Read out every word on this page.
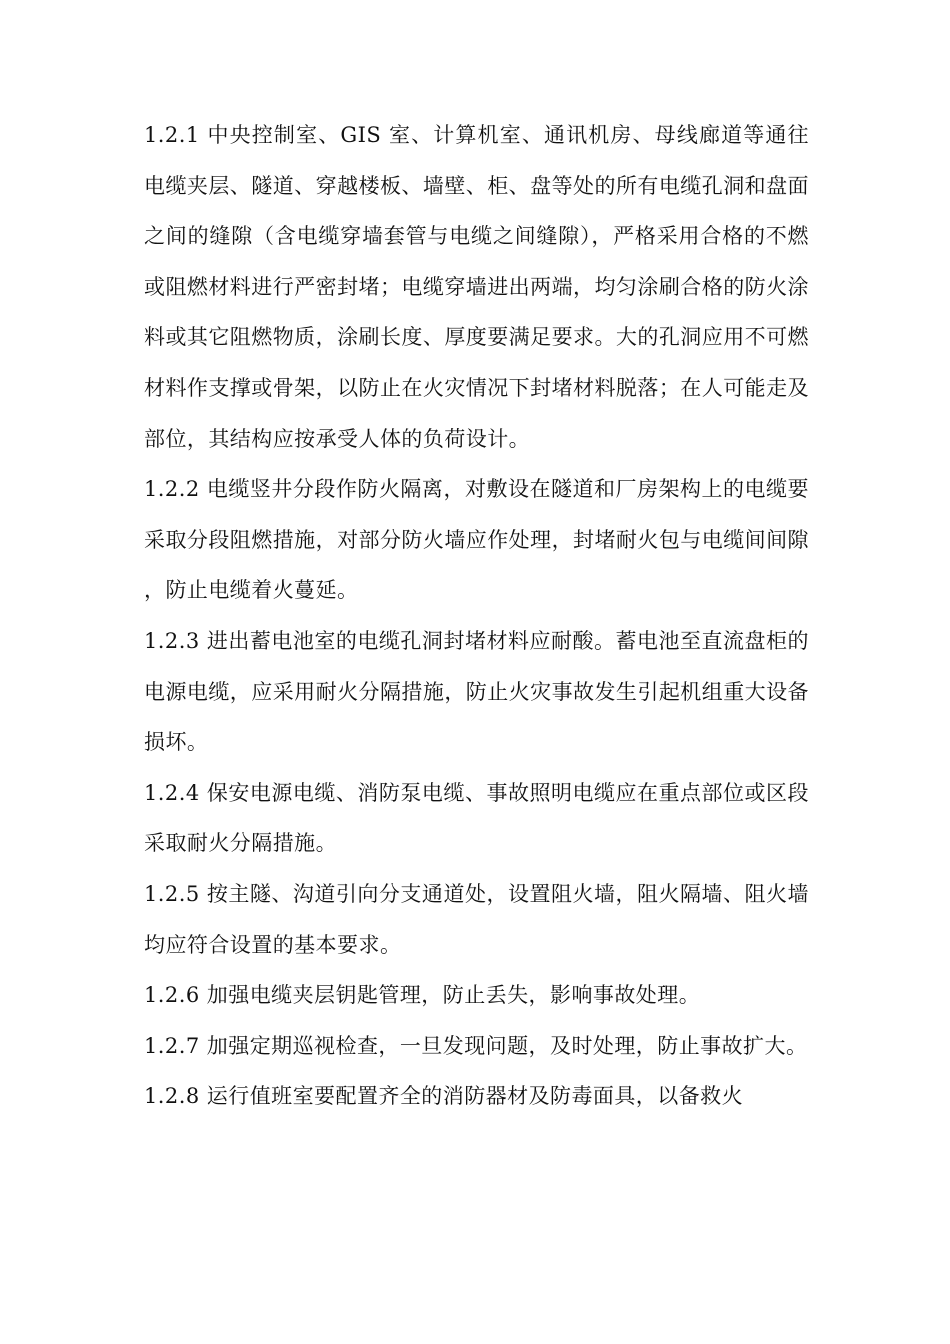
1.2.1 中央控制室、GIS 室、计算机室、通讯机房、母线廊道等通往电缆夹层、隧道、穿越楼板、墙壁、柜、盘等处的所有电缆孔洞和盘面之间的缝隙（含电缆穿墙套管与电缆之间缝隙），严格采用合格的不燃或阻燃材料进行严密封堵；电缆穿墙进出两端，均匀涂刷合格的防火涂料或其它阻燃物质，涂刷长度、厚度要满足要求。大的孔洞应用不可燃材料作支撑或骨架，以防止在火灾情况下封堵材料脱落；在人可能走及部位，其结构应按承受人体的负荷设计。

1.2.2 电缆竖井分段作防火隔离，对敷设在隧道和厂房架构上的电缆要采取分段阻燃措施，对部分防火墙应作处理，封堵耐火包与电缆间间隙，防止电缆着火蔓延。

1.2.3 进出蓄电池室的电缆孔洞封堵材料应耐酸。蓄电池至直流盘柜的电源电缆，应采用耐火分隔措施，防止火灾事故发生引起机组重大设备损坏。

1.2.4 保安电源电缆、消防泵电缆、事故照明电缆应在重点部位或区段采取耐火分隔措施。

1.2.5 按主隧、沟道引向分支通道处，设置阻火墙，阻火隔墙、阻火墙均应符合设置的基本要求。

1.2.6 加强电缆夹层钥匙管理，防止丢失，影响事故处理。

1.2.7 加强定期巡视检查，一旦发现问题，及时处理，防止事故扩大。

1.2.8 运行值班室要配置齐全的消防器材及防毒面具，以备救火
